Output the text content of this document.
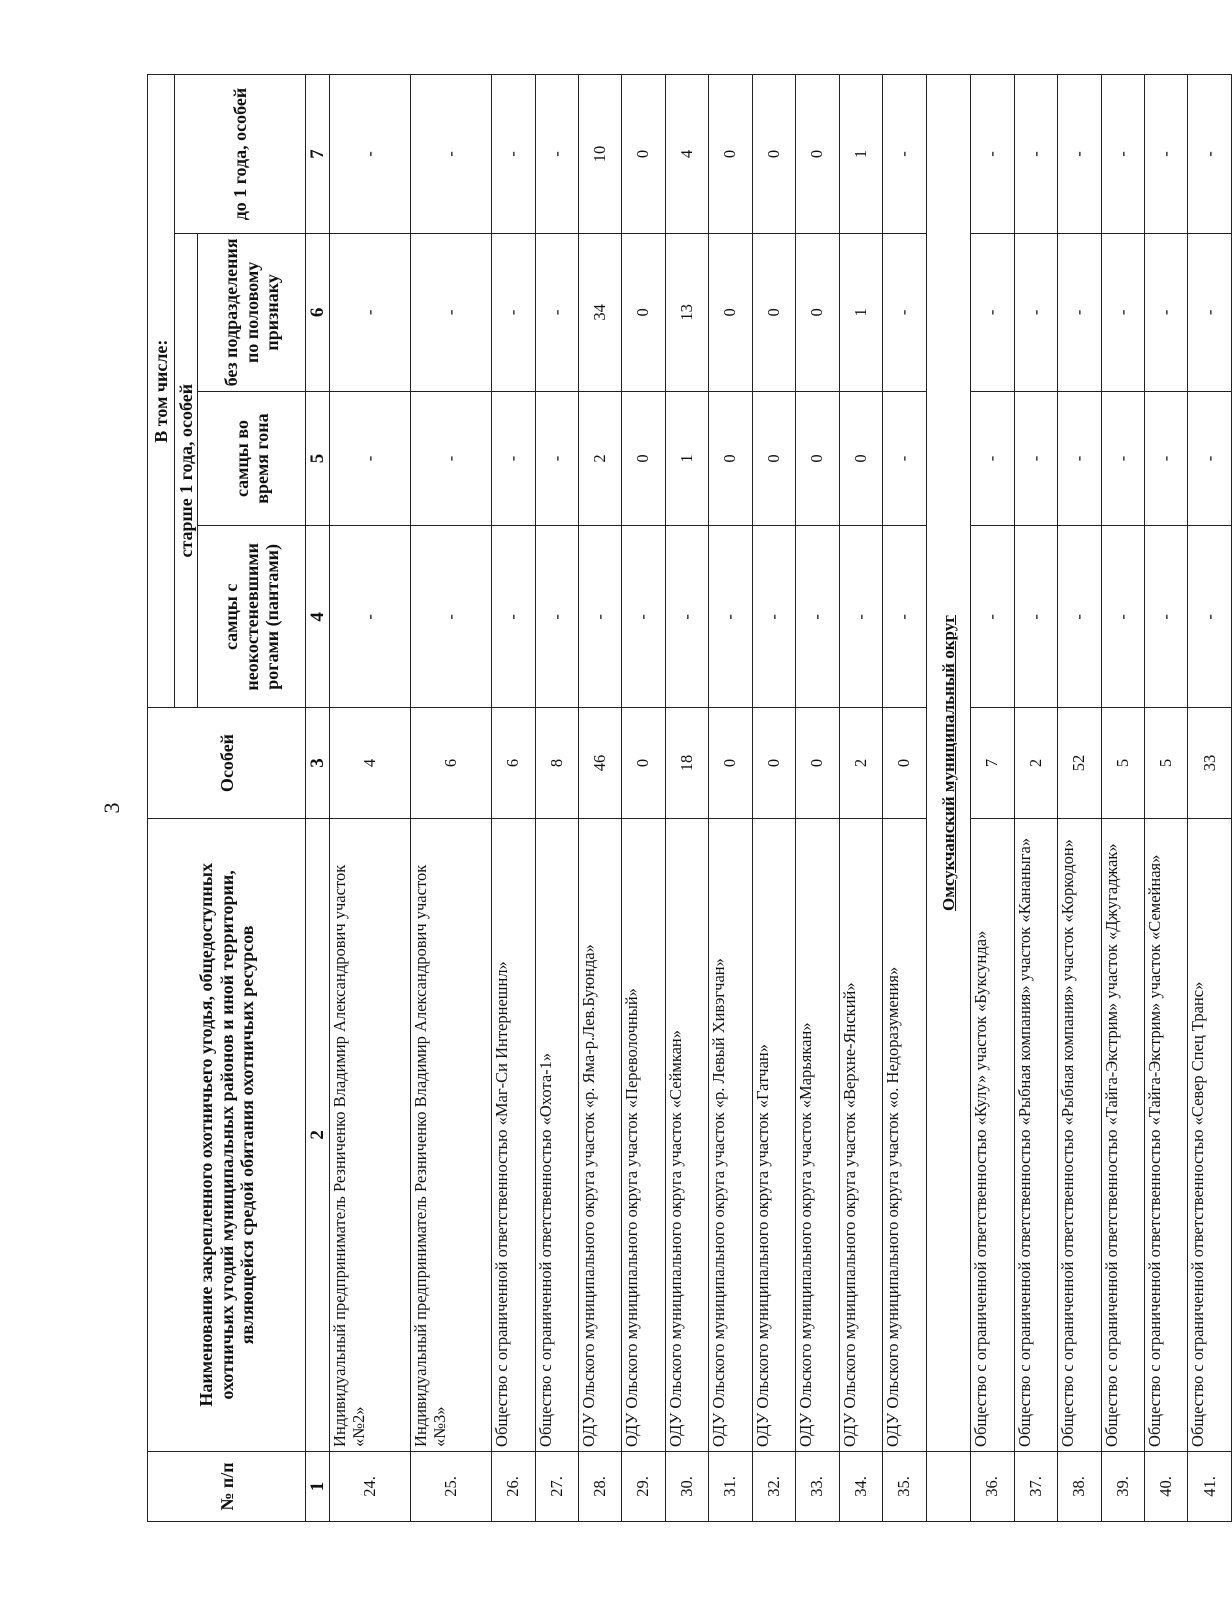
3
№ п/п	Наименование закрепленного охотничьего угодья, общедоступных охотничьих угодий муниципальных районов и иной территории, являющейся средой обитания охотничьих ресурсов	Особей	В том числе:			
			старше 1 года, особей			до 1 года, особей
			самцы с неокостеневшими рогами (пантами)	самцы во время гона	без подразделения по половому признаку	
1	2	3	4	5	6	7
24.	Индивидуальный предприниматель Резниченко Владимир Александрович участок «№2»	4	-	-	-	-
25.	Индивидуальный предприниматель Резниченко Владимир Александрович участок «№3»	6	-	-	-	-
26.	Общество с ограниченной ответственностью «Маг-Си Интернешнл»	6	-	-	-	-
27.	Общество с ограниченной ответственностью «Охота-1»	8	-	-	-	-
28.	ОДУ Ольского муниципального округа участок «р. Яма-р.Лев.Буюнда»	46	-	2	34	10
29.	ОДУ Ольского муниципального округа участок «Переволочный»	0	-	0	0	0
30.	ОДУ Ольского муниципального округа участок «Сеймкан»	18	-	1	13	4
31.	ОДУ Ольского муниципального округа участок «р. Левый Хивэгчан»	0	-	0	0	0
32.	ОДУ Ольского муниципального округа участок «Гатчан»	0	-	0	0	0
33.	ОДУ Ольского муниципального округа участок «Марьякан»	0	-	0	0	0
34.	ОДУ Ольского муниципального округа участок «Верхне-Янский»	2	-	0	1	1
35.	ОДУ Ольского муниципального округа участок «о. Недоразумения»	0	-	-	-	-
	Омсукчанский муниципальный округ					
36.	Общество с ограниченной ответственностью «Кулу» участок «Буксунда»	7	-	-	-	-
37.	Общество с ограниченной ответственностью «Рыбная компания» участок «Кананыга»	2	-	-	-	-
38.	Общество с ограниченной ответственностью «Рыбная компания» участок «Коркодон»	52	-	-	-	-
39.	Общество с ограниченной ответственностью «Тайга-Экстрим» участок «Джугаджак»	5	-	-	-	-
40.	Общество с ограниченной ответственностью «Тайга-Экстрим» участок «Семейная»	5	-	-	-	-
41.	Общество с ограниченной ответственностью «Север Спец Транс»	33	-	-	-	-
